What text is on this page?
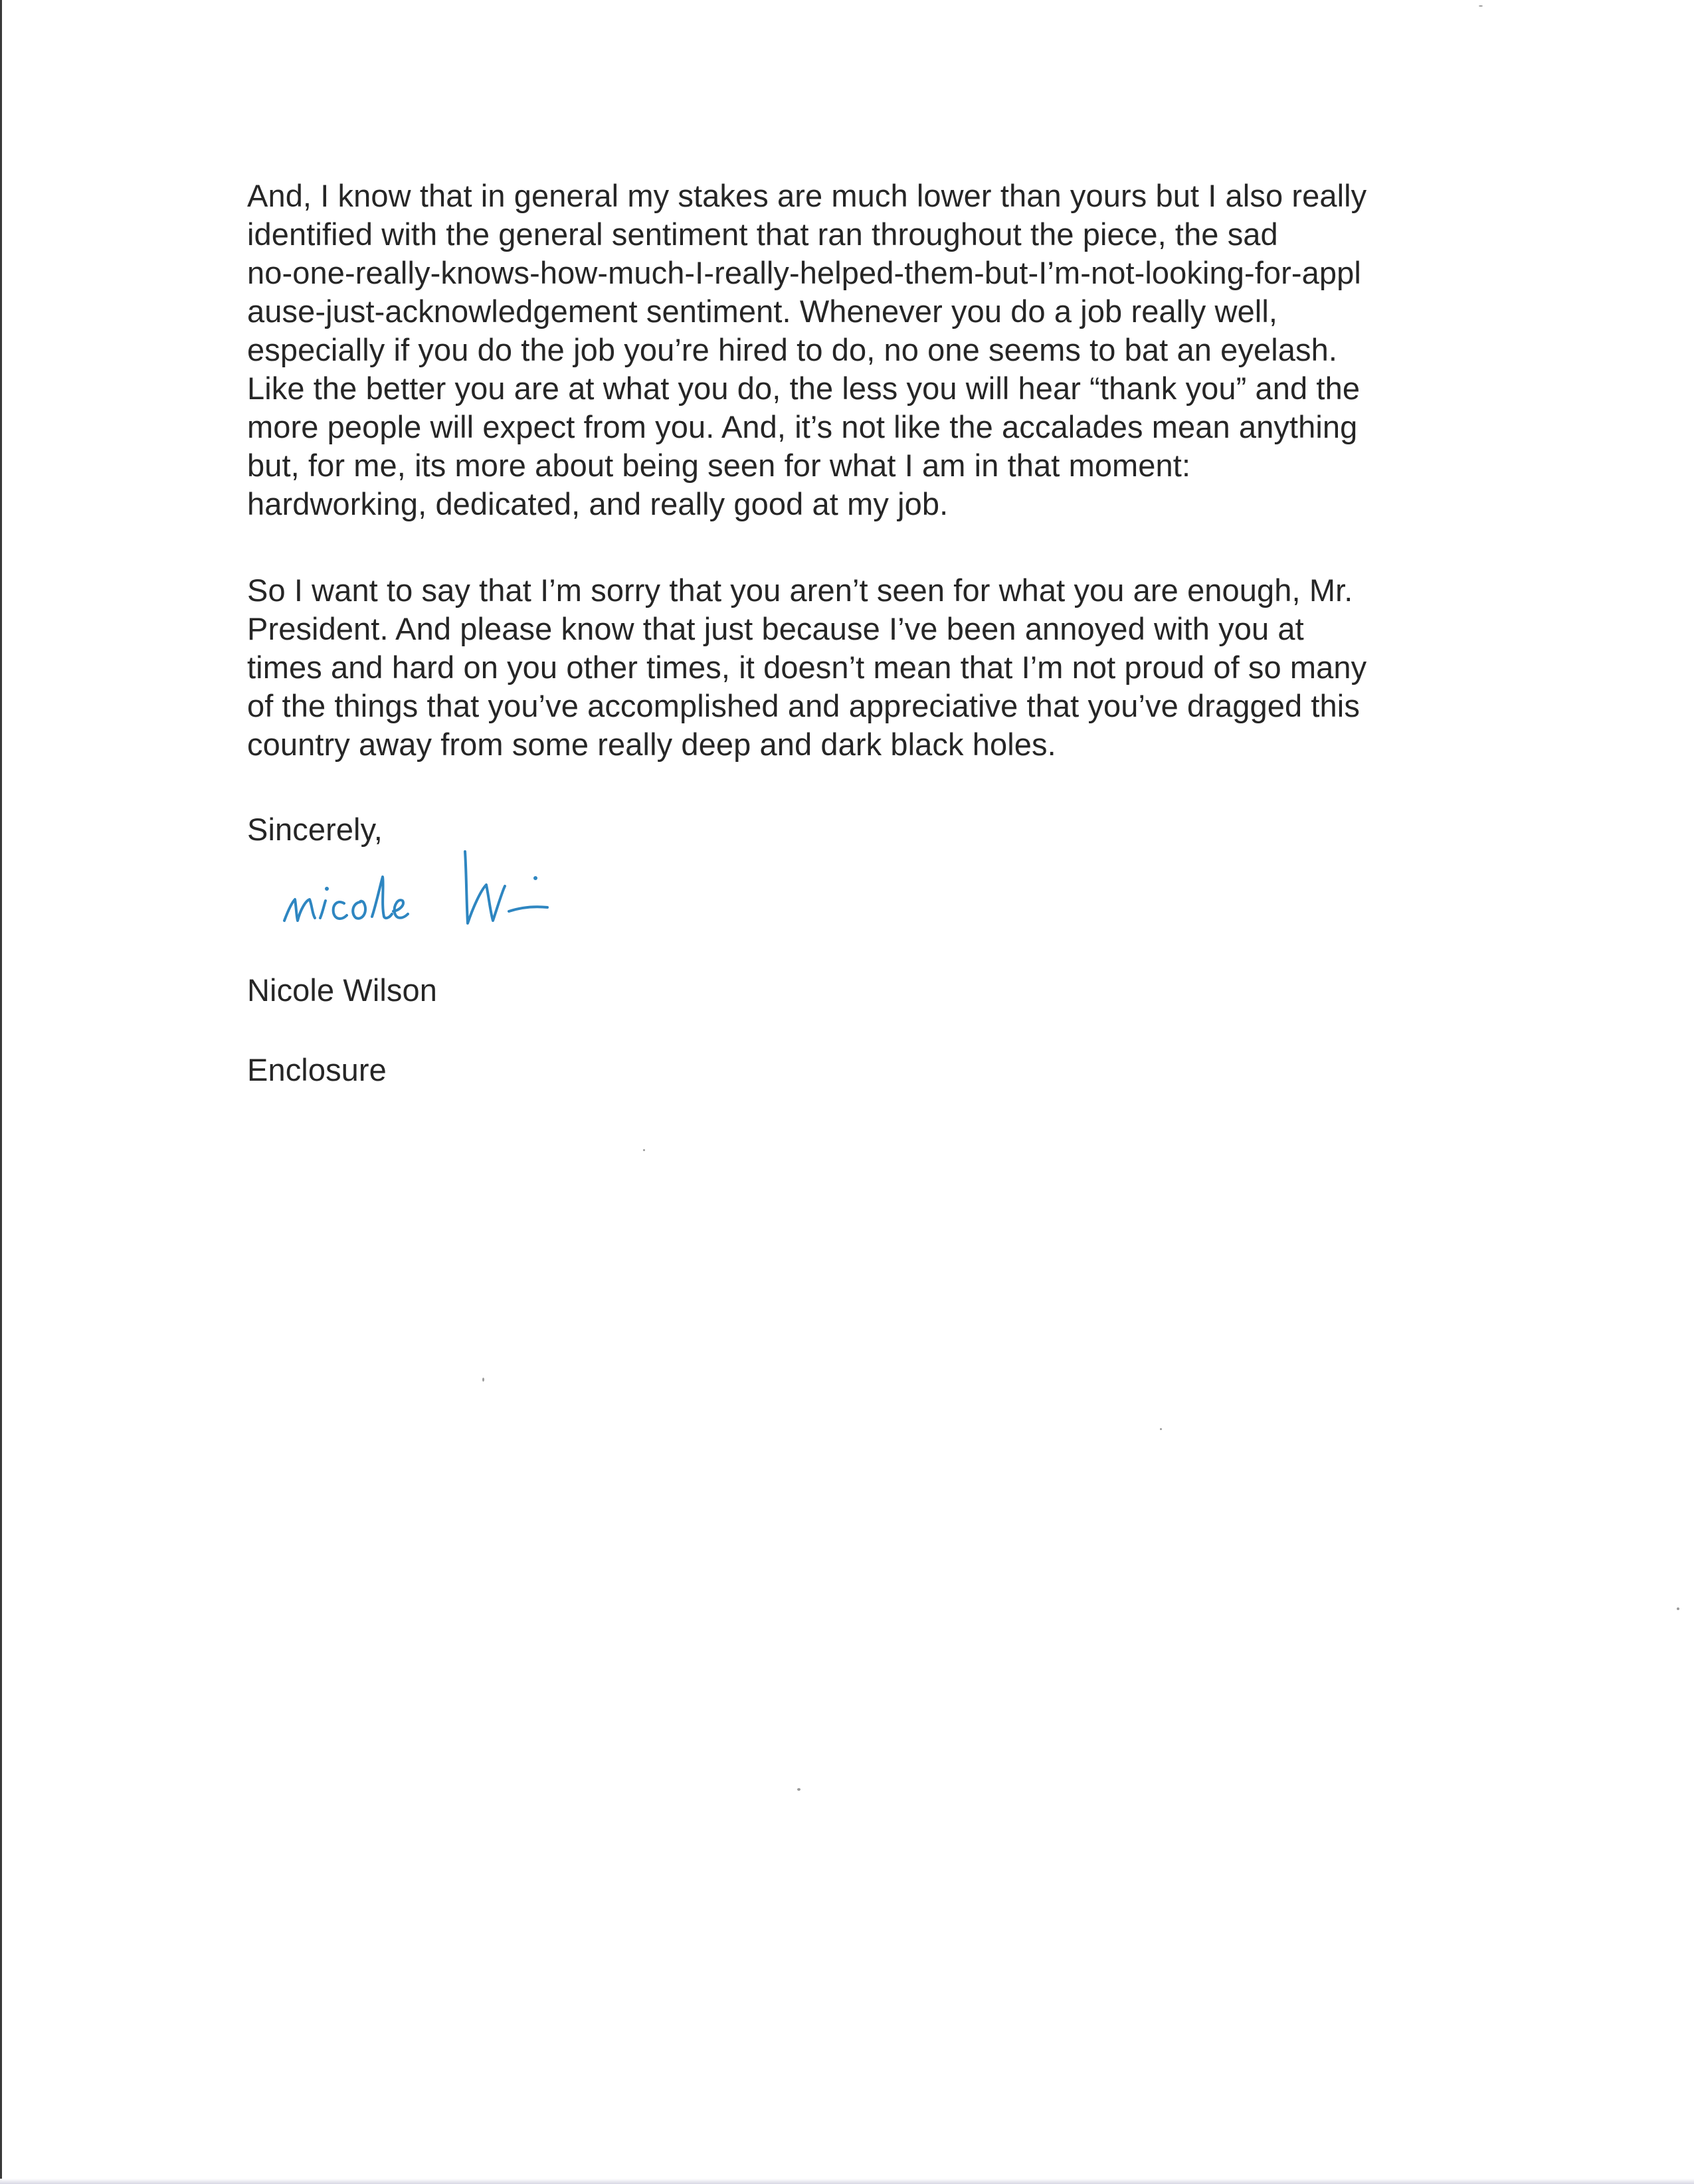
And, I know that in general my stakes are much lower than yours but I also really

identified with the general sentiment that ran throughout the piece, the sad

no-one-really-knows-how-much-I-really-helped-them-but-I’m-not-looking-for-appl

ause-just-acknowledgement sentiment. Whenever you do a job really well,

especially if you do the job you’re hired to do, no one seems to bat an eyelash.

Like the better you are at what you do, the less you will hear “thank you” and the

more people will expect from you. And, it’s not like the accalades mean anything

but, for me, its more about being seen for what I am in that moment:

hardworking, dedicated, and really good at my job.

So I want to say that I’m sorry that you aren’t seen for what you are enough, Mr.

President. And please know that just because I’ve been annoyed with you at

times and hard on you other times, it doesn’t mean that I’m not proud of so many

of the things that you’ve accomplished and appreciative that you’ve dragged this

country away from some really deep and dark black holes.

Sincerely,

Nicole Wilson

Enclosure
